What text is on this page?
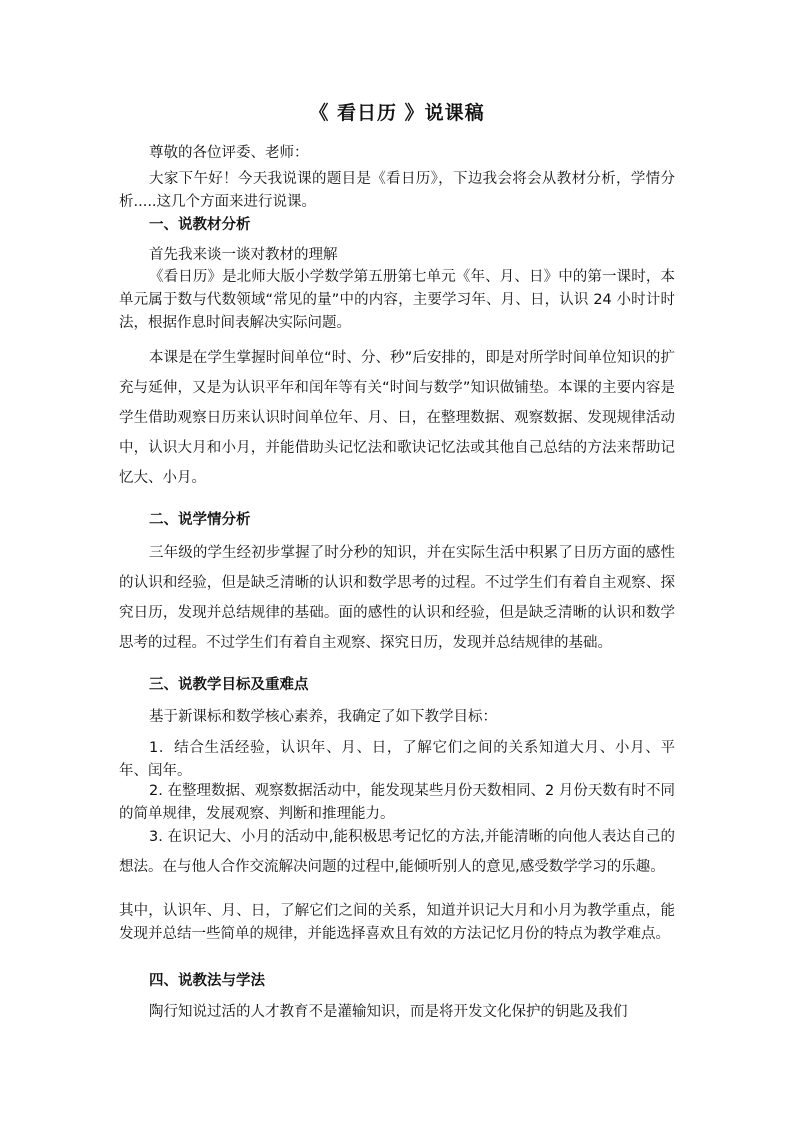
《 看日历 》说课稿

尊敬的各位评委、老师：

大家下午好！今天我说课的题目是《看日历》，下边我会将会从教材分析，学情分析.....这几个方面来进行说课。

一、说教材分析

首先我来谈一谈对教材的理解

《看日历》是北师大版小学数学第五册第七单元《年、月、日》中的第一课时，本单元属于数与代数领域“常见的量”中的内容，主要学习年、月、日，认识 24 小时计时法，根据作息时间表解决实际问题。

本课是在学生掌握时间单位“时、分、秒”后安排的，即是对所学时间单位知识的扩充与延伸，又是为认识平年和闰年等有关“时间与数学”知识做铺垫。本课的主要内容是学生借助观察日历来认识时间单位年、月、日，在整理数据、观察数据、发现规律活动中，认识大月和小月，并能借助头记忆法和歌诀记忆法或其他自己总结的方法来帮助记忆大、小月。

二、说学情分析

三年级的学生经初步掌握了时分秒的知识，并在实际生活中积累了日历方面的感性的认识和经验，但是缺乏清晰的认识和数学思考的过程。不过学生们有着自主观察、探究日历，发现并总结规律的基础。面的感性的认识和经验，但是缺乏清晰的认识和数学思考的过程。不过学生们有着自主观察、探究日历，发现并总结规律的基础。

三、说教学目标及重难点

基于新课标和数学核心素养，我确定了如下教学目标：

1．结合生活经验，认识年、月、日，了解它们之间的关系知道大月、小月、平年、闰年。

2. 在整理数据、观察数据活动中，能发现某些月份天数相同、2 月份天数有时不同的简单规律，发展观察、判断和推理能力。

3. 在识记大、小月的活动中,能积极思考记忆的方法,并能清晰的向他人表达自己的想法。在与他人合作交流解决问题的过程中,能倾听别人的意见,感受数学学习的乐趣。

其中，认识年、月、日，了解它们之间的关系，知道并识记大月和小月为教学重点，能发现并总结一些简单的规律，并能选择喜欢且有效的方法记忆月份的特点为教学难点。

四、说教法与学法

陶行知说过活的人才教育不是灌输知识，而是将开发文化保护的钥匙及我们
